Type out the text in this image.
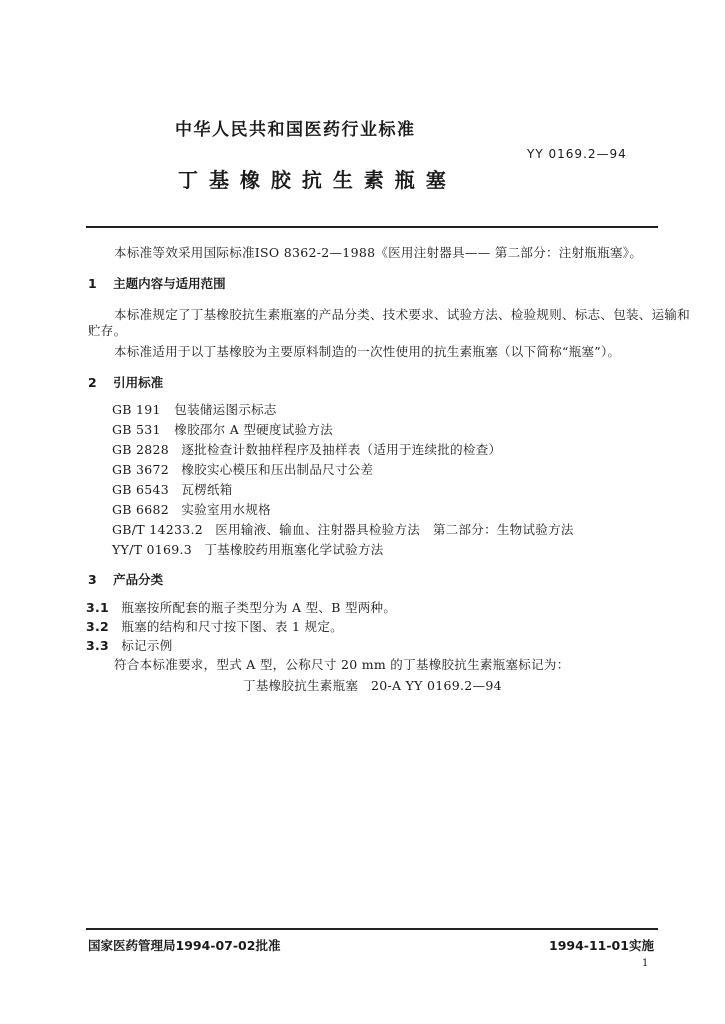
中华人民共和国医药行业标准
YY 0169.2—94
丁 基 橡 胶 抗 生 素 瓶 塞
本标准等效采用国际标准ISO 8362-2—1988《医用注射器具—— 第二部分：注射瓶瓶塞》。
1 主题内容与适用范围
本标准规定了丁基橡胶抗生素瓶塞的产品分类、技术要求、试验方法、检验规则、标志、包装、运输和
贮存。
本标准适用于以丁基橡胶为主要原料制造的一次性使用的抗生素瓶塞（以下简称“瓶塞”）。
2 引用标准
GB 191 包装储运图示标志
GB 531 橡胶邵尔 A 型硬度试验方法
GB 2828 逐批检查计数抽样程序及抽样表（适用于连续批的检查）
GB 3672 橡胶实心模压和压出制品尺寸公差
GB 6543 瓦楞纸箱
GB 6682 实验室用水规格
GB/T 14233.2 医用输液、输血、注射器具检验方法　第二部分：生物试验方法
YY/T 0169.3 丁基橡胶药用瓶塞化学试验方法
3 产品分类
3.1 瓶塞按所配套的瓶子类型分为 A 型、B 型两种。
3.2 瓶塞的结构和尺寸按下图、表 1 规定。
3.3 标记示例
符合本标准要求，型式 A 型，公称尺寸 20 mm 的丁基橡胶抗生素瓶塞标记为：
丁基橡胶抗生素瓶塞　20-A YY 0169.2—94
国家医药管理局1994-07-02批准	1994-11-01实施
1
